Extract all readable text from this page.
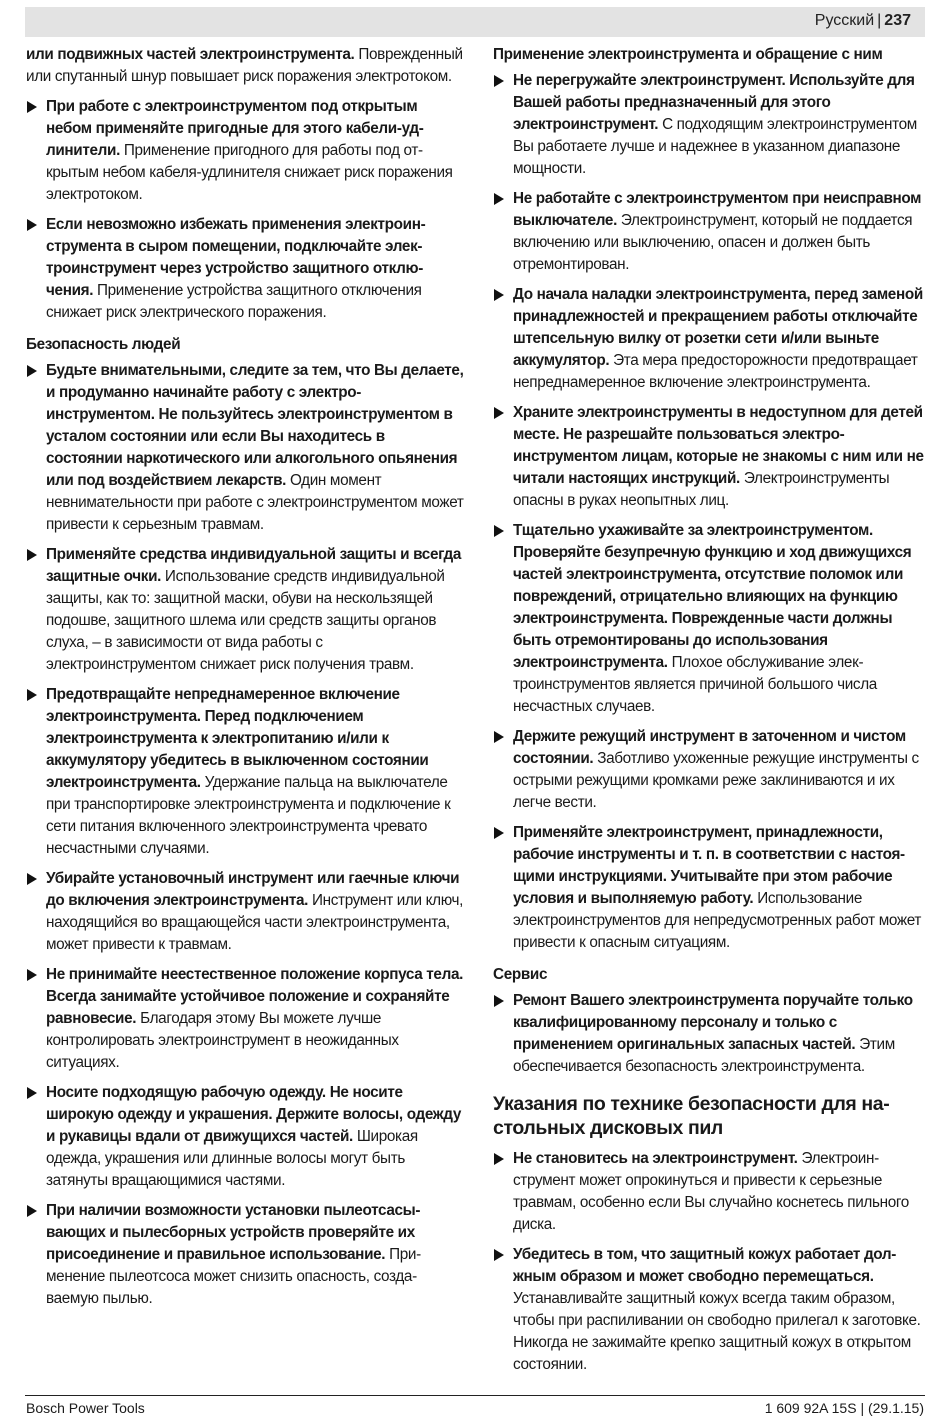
Русский | 237

или подвижных частей электроинструмента. Поврежденный или спутанный шнур повышает риск поражения электротоком.

При работе с электроинструментом под открытым небом применяйте пригодные для этого кабели-удлинители. Применение пригодного для работы под открытым небом кабеля-удлинителя снижает риск поражения электротоком.
Если невозможно избежать применения электроинструмента в сыром помещении, подключайте электроинструмент через устройство защитного отключения. Применение устройства защитного отключения снижает риск электрического поражения.
Безопасность людей
Будьте внимательными, следите за тем, что Вы делаете, и продуманно начинайте работу с электроинструментом. Не пользуйтесь электроинструментом в усталом состоянии или если Вы находитесь в состоянии наркотического или алкогольного опьянения или под воздействием лекарств. Один момент невнимательности при работе с электроинструментом может привести к серьезным травмам.
Применяйте средства индивидуальной защиты и всегда защитные очки. Использование средств индивидуальной защиты, как то: защитной маски, обуви на нескользящей подошве, защитного шлема или средств защиты органов слуха, – в зависимости от вида работы с электроинструментом снижает риск получения травм.
Предотвращайте непреднамеренное включение электроинструмента. Перед подключением электроинструмента к электропитанию и/или к аккумулятору убедитесь в выключенном состоянии электроинструмента. Удержание пальца на выключателе при транспортировке электроинструмента и подключение к сети питания включенного электроинструмента чревато несчастными случаями.
Убирайте установочный инструмент или гаечные ключи до включения электроинструмента. Инструмент или ключ, находящийся во вращающейся части электроинструмента, может привести к травмам.
Не принимайте неестественное положение корпуса тела. Всегда занимайте устойчивое положение и сохраняйте равновесие. Благодаря этому Вы можете лучше контролировать электроинструмент в неожиданных ситуациях.
Носите подходящую рабочую одежду. Не носите широкую одежду и украшения. Держите волосы, одежду и рукавицы вдали от движущихся частей. Широкая одежда, украшения или длинные волосы могут быть затянуты вращающимися частями.
При наличии возможности установки пылеотсасывающих и пылесборных устройств проверяйте их присоединение и правильное использование. Применение пылеотсоса может снизить опасность, создаваемую пылью.
Применение электроинструмента и обращение с ним
Не перегружайте электроинструмент. Используйте для Вашей работы предназначенный для этого электроинструмент. С подходящим электроинструментом Вы работаете лучше и надежнее в указанном диапазоне мощности.
Не работайте с электроинструментом при неисправном выключателе. Электроинструмент, который не поддается включению или выключению, опасен и должен быть отремонтирован.
До начала наладки электроинструмента, перед заменой принадлежностей и прекращением работы отключайте штепсельную вилку от розетки сети и/или выньте аккумулятор. Эта мера предосторожности предотвращает непреднамеренное включение электроинструмента.
Храните электроинструменты в недоступном для детей месте. Не разрешайте пользоваться электроинструментом лицам, которые не знакомы с ним или не читали настоящих инструкций. Электроинструменты опасны в руках неопытных лиц.
Тщательно ухаживайте за электроинструментом. Проверяйте безупречную функцию и ход движущихся частей электроинструмента, отсутствие поломок или повреждений, отрицательно влияющих на функцию электроинструмента. Поврежденные части должны быть отремонтированы до использования электроинструмента. Плохое обслуживание электроинструментов является причиной большого числа несчастных случаев.
Держите режущий инструмент в заточенном и чистом состоянии. Заботливо ухоженные режущие инструменты с острыми режущими кромками реже заклиниваются и их легче вести.
Применяйте электроинструмент, принадлежности, рабочие инструменты и т. п. в соответствии с настоящими инструкциями. Учитывайте при этом рабочие условия и выполняемую работу. Использование электроинструментов для непредусмотренных работ может привести к опасным ситуациям.
Сервис
Ремонт Вашего электроинструмента поручайте только квалифицированному персоналу и только с применением оригинальных запасных частей. Этим обеспечивается безопасность электроинструмента.
Указания по технике безопасности для настольных дисковых пил
Не становитесь на электроинструмент. Электроинструмент может опрокинуться и привести к серьезные травмам, особенно если Вы случайно коснетесь пильного диска.
Убедитесь в том, что защитный кожух работает должным образом и может свободно перемещаться.

Устанавливайте защитный кожух всегда таким образом, чтобы при распиливании он свободно прилегал к заготовке. Никогда не зажимайте крепко защитный кожух в открытом состоянии.

Bosch Power Tools	1 609 92A 15S | (29.1.15)
